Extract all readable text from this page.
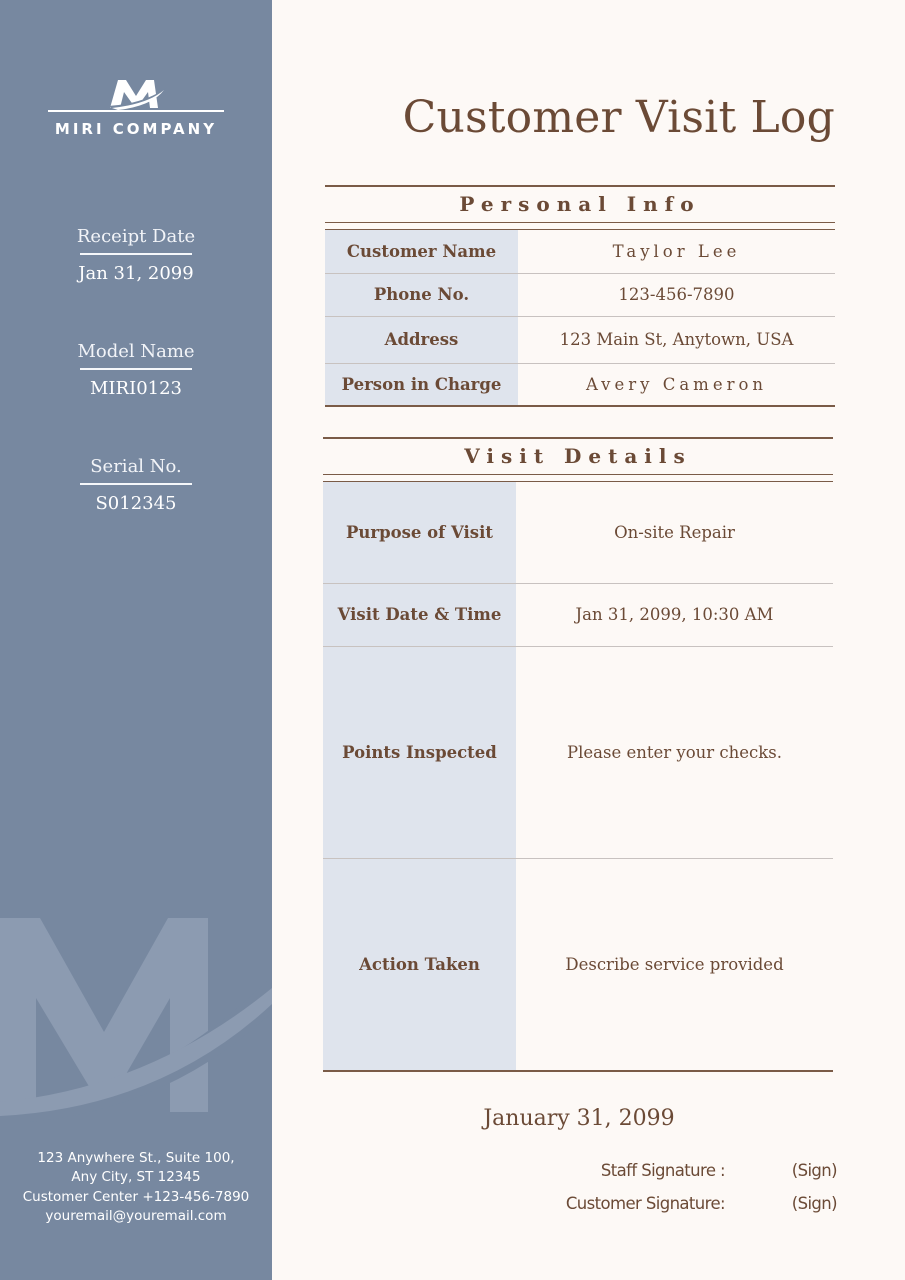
MIRI COMPANY
Receipt Date
Jan 31, 2099
Model Name
MIRI0123
Serial No.
S012345
123 Anywhere St., Suite 100,
Any City, ST 12345
Customer Center +123-456-7890
youremail@youremail.com
Customer Visit Log
Personal Info
Customer Name	Taylor Lee
Phone No.	123-456-7890
Address	123 Main St, Anytown, USA
Person in Charge	Avery Cameron
Visit Details
Purpose of Visit	On-site Repair
Visit Date & Time	Jan 31, 2099, 10:30 AM
Points Inspected	Please enter your checks.
Action Taken	Describe service provided
January 31, 2099
Staff Signature :	(Sign)
Customer Signature:	(Sign)
